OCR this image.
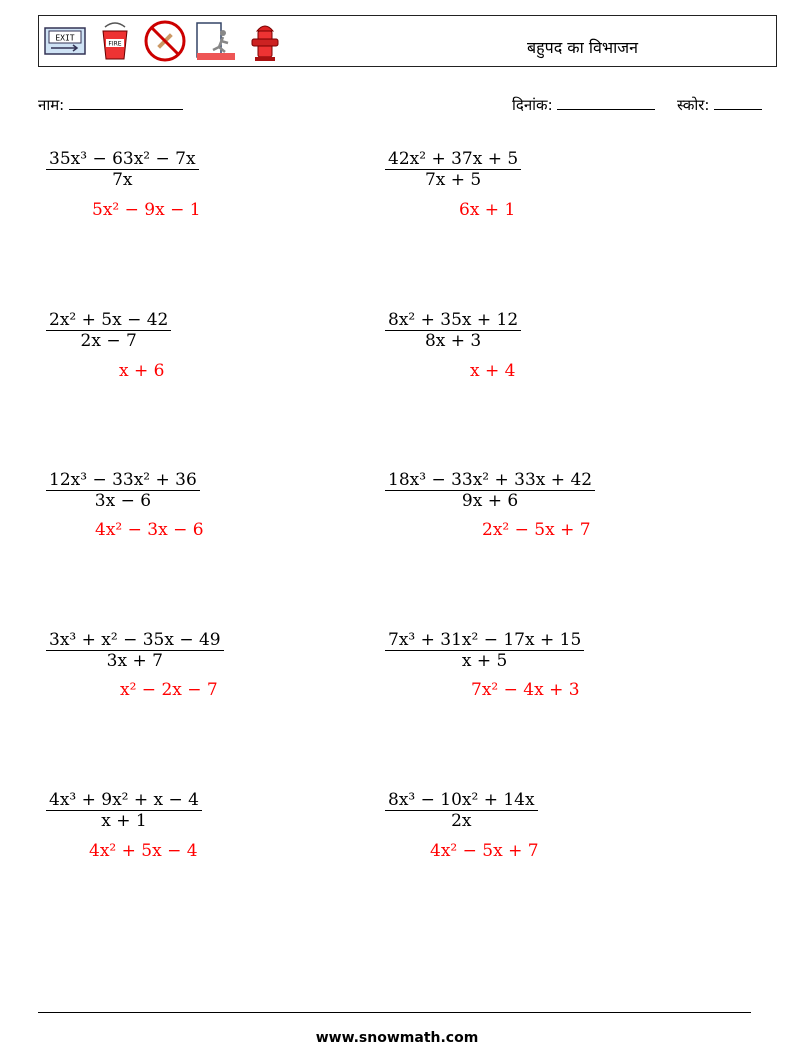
EXIT
FIRE	बहुपद का विभाजन
नाम:	दिनांक:	स्कोर:
$\frac{\text{35x³ − 63x² − 7x}}{7x}$
5x² − 9x − 1
$\frac{\text{42x² + 37x + 5}}{7x + 5}$
6x + 1
$\frac{\text{2x² + 5x − 42}}{2x - 7}$
x + 6
$\frac{\text{8x² + 35x + 12}}{8x + 3}$
x + 4
$\frac{\text{12x³ − 33x² + 36}}{3x - 6}$
4x² − 3x − 6
$\frac{\text{18x³ − 33x² + 33x + 42}}{9x + 6}$
2x² − 5x + 7
$\frac{\text{3x³ + x² − 35x − 49}}{3x + 7}$
x² − 2x − 7
$\frac{\text{7x³ + 31x² − 17x + 15}}{x + 5}$
7x² − 4x + 3
$\frac{\text{4x³ + 9x² + x − 4}}{x + 1}$
4x² + 5x − 4
$\frac{\text{8x³ − 10x² + 14x}}{2x}$
4x² − 5x + 7
www.snowmath.com
